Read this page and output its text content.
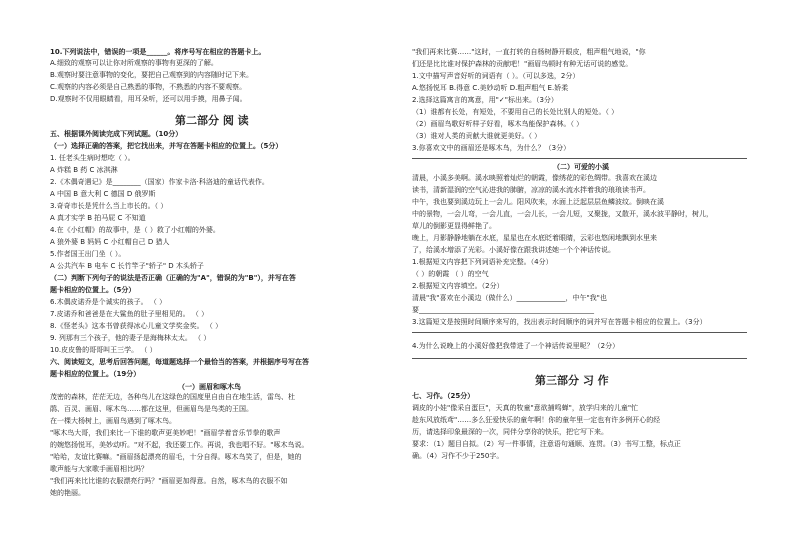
10.下列说法中，错误的一项是______。将序号写在相应的答题卡上。
A.细致的观察可以让你对所观察的事物有更深的了解。
B.观察时要注意事物的变化，要把自己观察到的内容随时记下来。
C.观察的内容必须是自己熟悉的事物，不熟悉的内容不要观察。
D.观察时不仅用眼睛看，用耳朵听，还可以用手摸，用鼻子闻。
五、根据课外阅读完成下列试题。（10分）
（一）选择正确的答案，把它找出来，并写在答题卡相应的位置上。（5分）
1. 任老头生病时想吃（ ）。
A 炸糕 B 药 C 冰淇淋
2.《木偶奇遇记》是________（国家）作家卡洛·科洛迪的童话代表作。
A 中国 B 意大利 C 德国 D 俄罗斯
3.奇奇市长是凭什么当上市长的。（ ）
A 真才实学 B 拍马屁 C 不知道
4.在《小红帽》的故事中，是（ ）救了小红帽的外婆。
A 狼外婆 B 妈妈 C 小红帽自己 D 猎人
5.作者国王出门坐（ ）。
A 公共汽车 B 电车 C 长竹竿子"轿子" D 木头轿子
（二）判断下列句子的说法是否正确（正确的为"A"，错误的为"B"），并写在答
题卡相应的位置上。（5分）
6.木偶皮诺乔是个诚实的孩子。 （ ）
7.皮诺乔和爸爸是在大鲨鱼的肚子里相见的。 （ ）
8.《怪老头》这本书曾获得冰心儿童文学奖金奖。 （ ）
9. 列那有三个孩子，他的妻子是海梅林太太。 （ ）
10.皮皮鲁的哥哥叫王三学。 （ ）
六、阅读短文，思考后回答问题，每道题选择一个最恰当的答案，并根据序号写在答
题卡相应的位置上。（19分）
茂密的森林，茫茫无边，各种鸟儿在这绿色的国度里自由自在地生活，雷鸟、杜
鹃、百灵、画眉、啄木鸟……都在这里，但画眉鸟是鸟类的王国。
在一棵大杨树上，画眉鸟遇到了啄木鸟。
"啄木鸟大哥，我们来比一下谁的歌声更美妙吧！"画眉学着音乐节拳的歌声
的婉悠扬悦耳，美妙动听。"对不起，我还要工作。再说，我也唱不好。"啄木鸟说。
"哈哈，友谊比赛嘛。"画眉扬起漂亮的眉毛，十分自得。啄木鸟笑了，但是，她的
歌声能与大家歌手画眉相比吗？
"我们再来比比谁的衣服漂亮行吗？"画眉更加得意。自然，啄木鸟的衣服不如
她的艳丽。
"我们再来比赛……"这时，一直打转的自杨树静开眼皮，粗声粗气地说，"你
们还是比比谁对保护森林的贡献吧！"画眉鸟顿时有种无话可说的感觉。
1.文中描写声音好听的词语有（ ）。（可以多选，2分）
A.悠扬悦耳 B.得意 C.美妙动听 D.粗声粗气 E.娇柔
2.选择这篇寓言的寓意，用"✓"标出来。（3分）
（1）谁都有长处，有短处，不要用自己的长处比别人的短处。（ ）
（2）画眉鸟歌好听样子好看，啄木鸟能保护森林。（ ）
（3）谁对人类的贡献大谁就更美好。（ ）
3.你喜欢文中的画眉还是啄木鸟，为什么？（3分）
清晨，小溪多美啊。溪水映照着灿烂的朝霞，像绣花的彩色绸带。我喜欢在溪边
读书，清新湿润的空气沁进我的肺腑，凉凉的溪水流水拌着我的琅琅读书声。
中午，我也要到溪边玩上一会儿。阳风吹来，水面上泛起层层鱼鳞波纹。倒映在溪
中的景物，一会儿弯，一会儿直，一会儿长，一会儿短，又聚拢，又散开，溪水波平静时，树儿，
草儿的倒影更显得鲜艳了。
晚上，月影静静地躺在水底，星星也在水底眨着眼睛，云彩也悠闲地飘到水里来
了，给溪水增添了光彩。小溪好像在跟我讲述她一个个神话传说。
1.根据短文内容把下列词语补充完整。（4分）
（ ）的朝霞 （ ）的空气
2.根据短文内容填空。（2分）
清晨"我"喜欢在小溪边（做什么）______________，中午"我"也
要__________________________________________________
3.这篇短文是按照时间顺序来写的，找出表示时间顺序的词并写在答题卡相应的位置上。（3分）
4.为什么说晚上的小溪好像把我带进了一个神话传说里呢？（2分）
七、习作。（25分）
调皮的小娃"像采自蛋巨"，天真的牧童"意欲捕鸣蝉"，放学归来的儿童"忙
趁东风放纸鸢"……多么狂爱快乐的童年啊！你的童年里一定也有许多例开心的经
历，请选择印象最深的一次，同伴分享你的快乐，把它写下来。
要求：（1）题目自拟。（2）写一件事情，注意语句通顺、连贯。（3）书写工整，标点正
确。（4）习作不少于250字。
第二部分 阅 读
（一）画眉和啄木鸟
（二）可爱的小溪
第三部分 习 作
